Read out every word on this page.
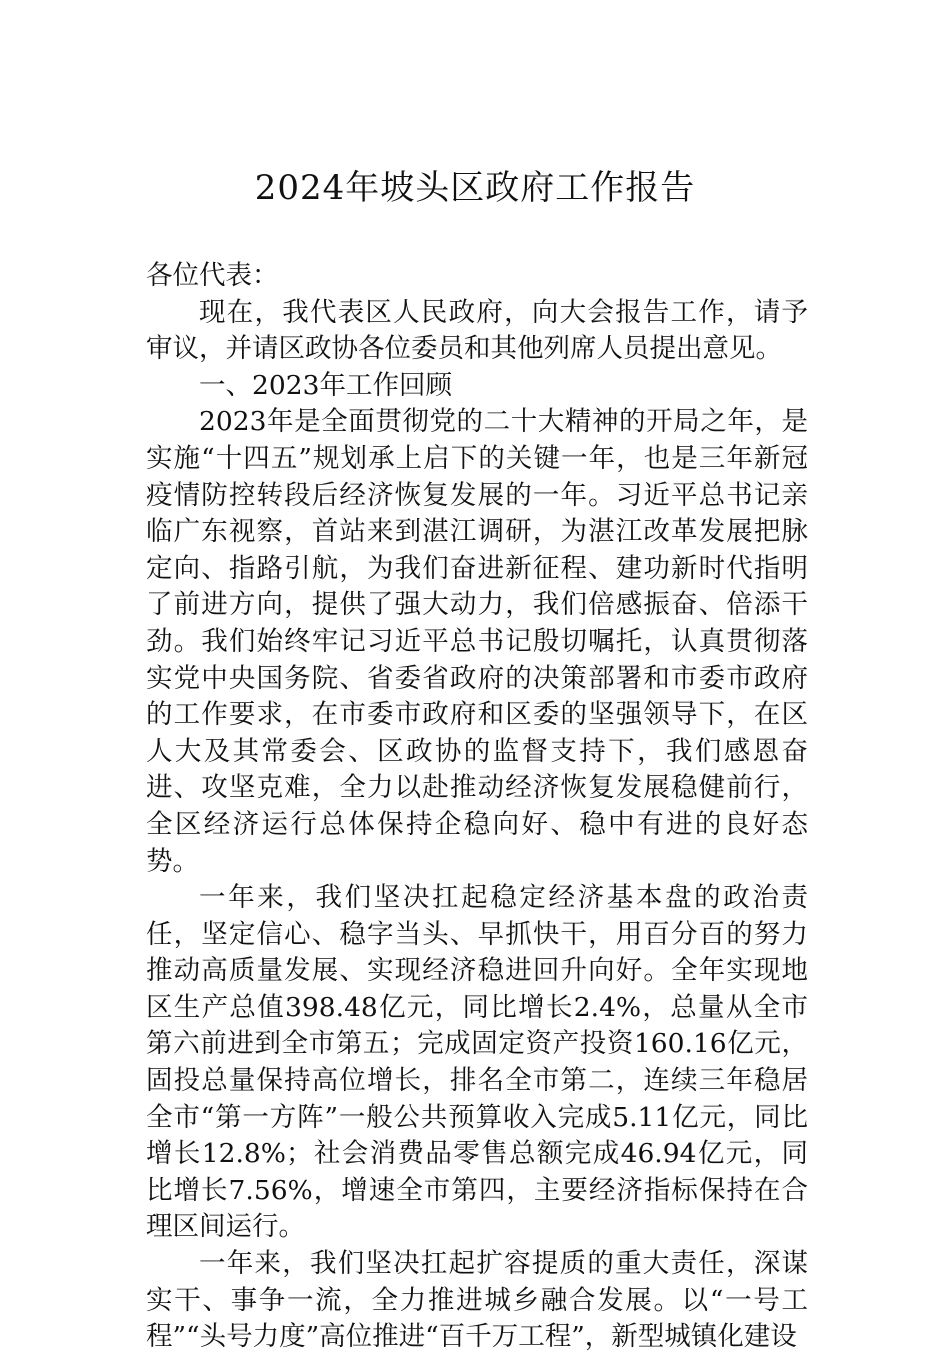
2024年坡头区政府工作报告

各位代表：

现在，我代表区人民政府，向大会报告工作，请予审议，并请区政协各位委员和其他列席人员提出意见。

一、2023年工作回顾

2023年是全面贯彻党的二十大精神的开局之年，是实施“十四五”规划承上启下的关键一年，也是三年新冠疫情防控转段后经济恢复发展的一年。习近平总书记亲临广东视察，首站来到湛江调研，为湛江改革发展把脉定向、指路引航，为我们奋进新征程、建功新时代指明了前进方向，提供了强大动力，我们倍感振奋、倍添干劲。我们始终牢记习近平总书记殷切嘱托，认真贯彻落实党中央国务院、省委省政府的决策部署和市委市政府的工作要求，在市委市政府和区委的坚强领导下，在区人大及其常委会、区政协的监督支持下，我们感恩奋进、攻坚克难，全力以赴推动经济恢复发展稳健前行，全区经济运行总体保持企稳向好、稳中有进的良好态势。

一年来，我们坚决扛起稳定经济基本盘的政治责任，坚定信心、稳字当头、早抓快干，用百分百的努力推动高质量发展、实现经济稳进回升向好。全年实现地区生产总值398.48亿元，同比增长2.4%，总量从全市第六前进到全市第五；完成固定资产投资160.16亿元，固投总量保持高位增长，排名全市第二，连续三年稳居全市“第一方阵”一般公共预算收入完成5.11亿元，同比增长12.8%；社会消费品零售总额完成46.94亿元，同比增长7.56%，增速全市第四，主要经济指标保持在合理区间运行。

一年来，我们坚决扛起扩容提质的重大责任，深谋实干、事争一流，全力推进城乡融合发展。以“一号工程”“头号力度”高位推进“百千万工程”，新型城镇化建设
